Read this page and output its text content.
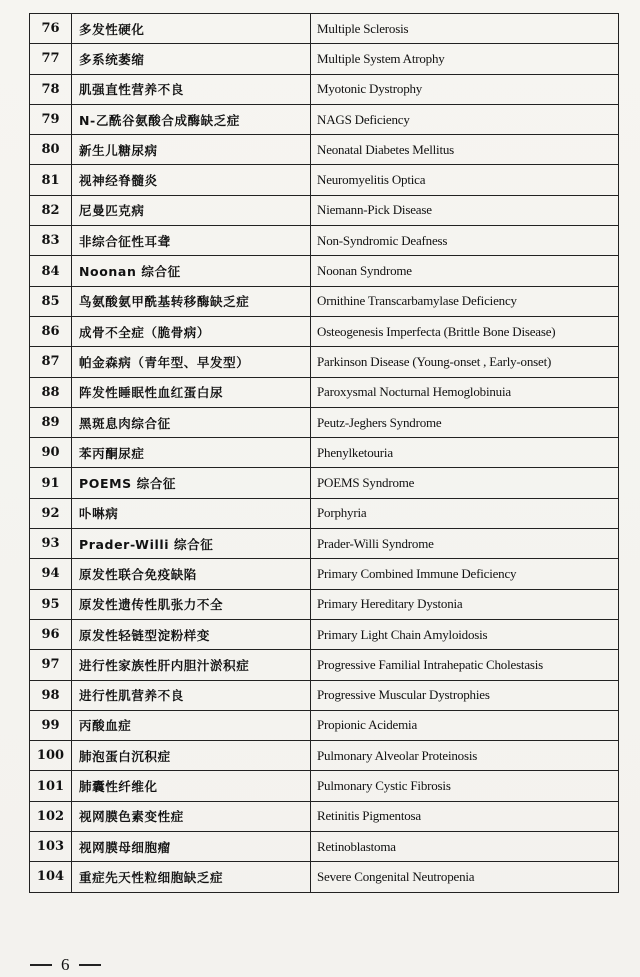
76	多发性硬化	Multiple Sclerosis
77	多系统萎缩	Multiple System Atrophy
78	肌强直性营养不良	Myotonic Dystrophy
79	N-乙酰谷氨酸合成酶缺乏症	NAGS Deficiency
80	新生儿糖尿病	Neonatal Diabetes Mellitus
81	视神经脊髓炎	Neuromyelitis Optica
82	尼曼匹克病	Niemann-Pick Disease
83	非综合征性耳聋	Non-Syndromic Deafness
84	Noonan 综合征	Noonan Syndrome
85	鸟氨酸氨甲酰基转移酶缺乏症	Ornithine Transcarbamylase Deficiency
86	成骨不全症（脆骨病）	Osteogenesis Imperfecta (Brittle Bone Disease)
87	帕金森病（青年型、早发型）	Parkinson Disease (Young-onset , Early-onset)
88	阵发性睡眠性血红蛋白尿	Paroxysmal Nocturnal Hemoglobinuia
89	黑斑息肉综合征	Peutz-Jeghers Syndrome
90	苯丙酮尿症	Phenylketouria
91	POEMS 综合征	POEMS Syndrome
92	卟啉病	Porphyria
93	Prader-Willi 综合征	Prader-Willi Syndrome
94	原发性联合免疫缺陷	Primary Combined Immune Deficiency
95	原发性遗传性肌张力不全	Primary Hereditary Dystonia
96	原发性轻链型淀粉样变	Primary Light Chain Amyloidosis
97	进行性家族性肝内胆汁淤积症	Progressive Familial Intrahepatic Cholestasis
98	进行性肌营养不良	Progressive Muscular Dystrophies
99	丙酸血症	Propionic Acidemia
100	肺泡蛋白沉积症	Pulmonary Alveolar Proteinosis
101	肺囊性纤维化	Pulmonary Cystic Fibrosis
102	视网膜色素变性症	Retinitis Pigmentosa
103	视网膜母细胞瘤	Retinoblastoma
104	重症先天性粒细胞缺乏症	Severe Congenital Neutropenia
6
